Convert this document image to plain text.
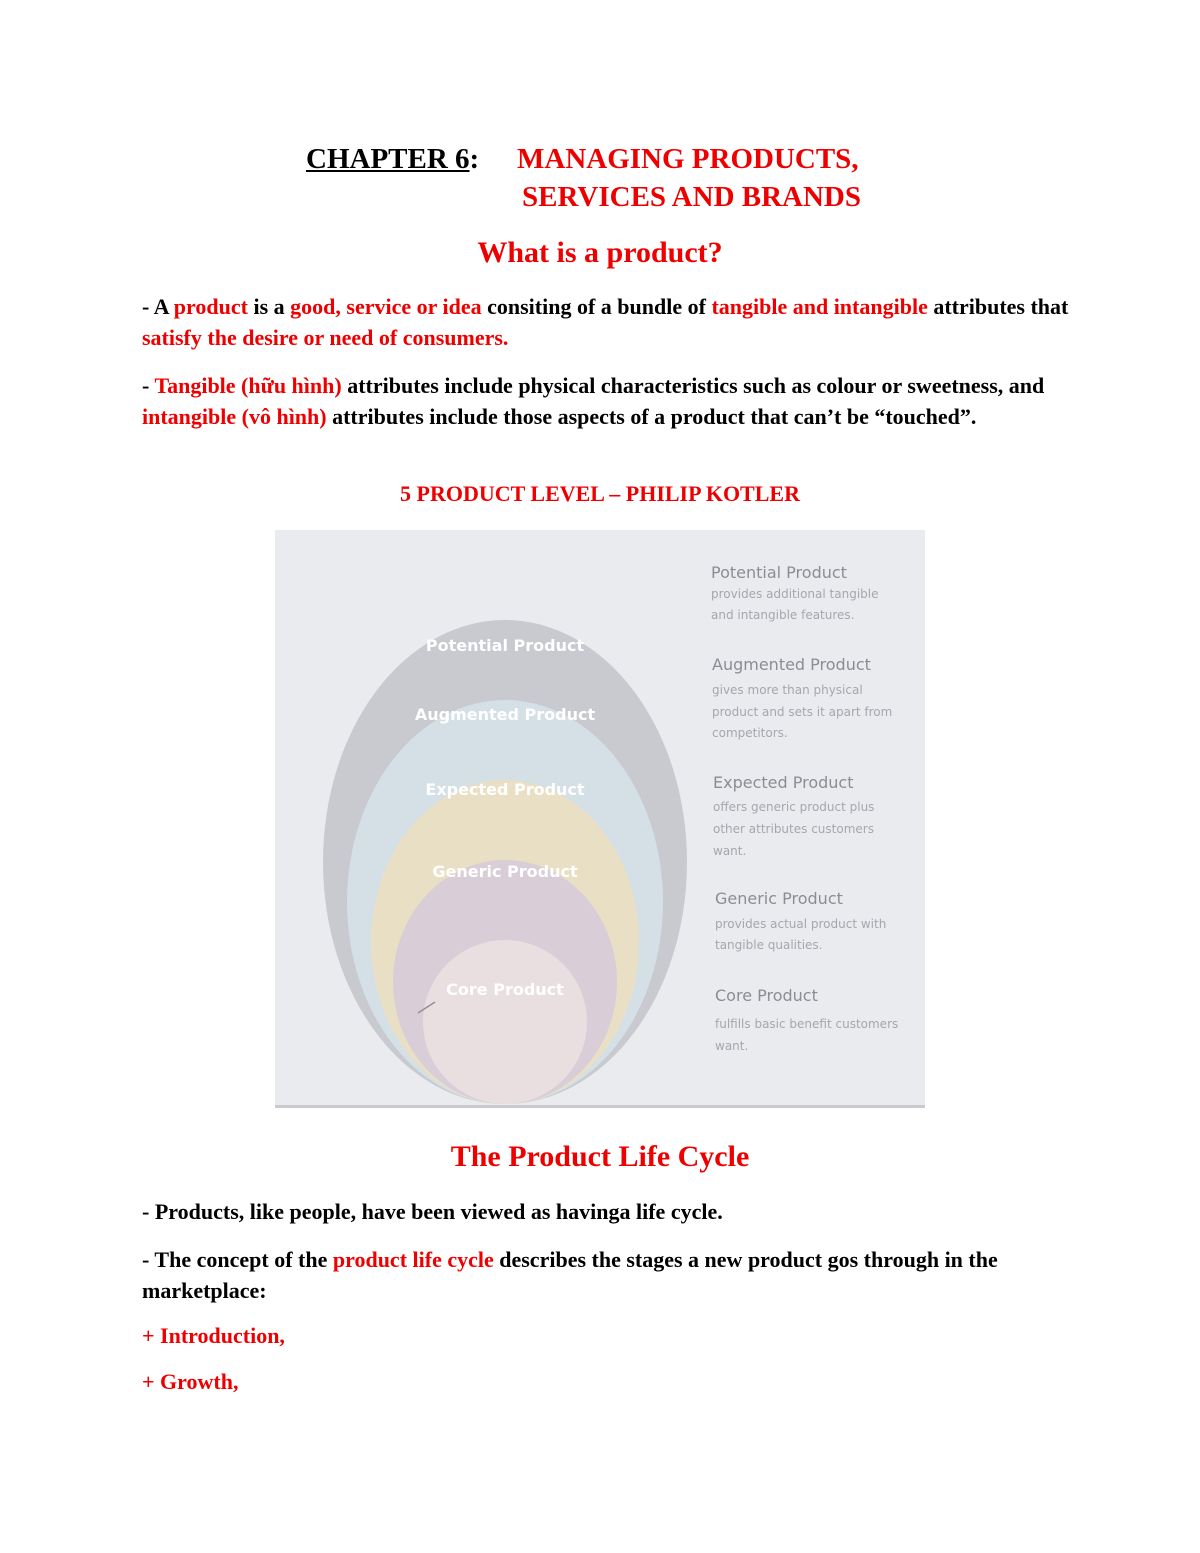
CHAPTER 6: MANAGING PRODUCTS,
SERVICES AND BRANDS
What is a product?
- A product is a good, service or idea consiting of a bundle of tangible and intangible attributes that satisfy the desire or need of consumers.
- Tangible (hữu hình) attributes include physical characteristics such as colour or sweetness, and intangible (vô hình) attributes include those aspects of a product that can’t be “touched”.
5 PRODUCT LEVEL – PHILIP KOTLER
Potential Product
Augmented Product
Expected Product
Generic Product
Core Product
Potential Product
provides additional tangible
and intangible features.
Augmented Product
gives more than physical
product and sets it apart from
competitors.
Expected Product
offers generic product plus
other attributes customers
want.
Generic Product
provides actual product with
tangible qualities.
Core Product
fulfills basic benefit customers
want.
The Product Life Cycle
- Products, like people, have been viewed as havinga life cycle.
- The concept of the product life cycle describes the stages a new product gos through in the marketplace:
+ Introduction,
+ Growth,
